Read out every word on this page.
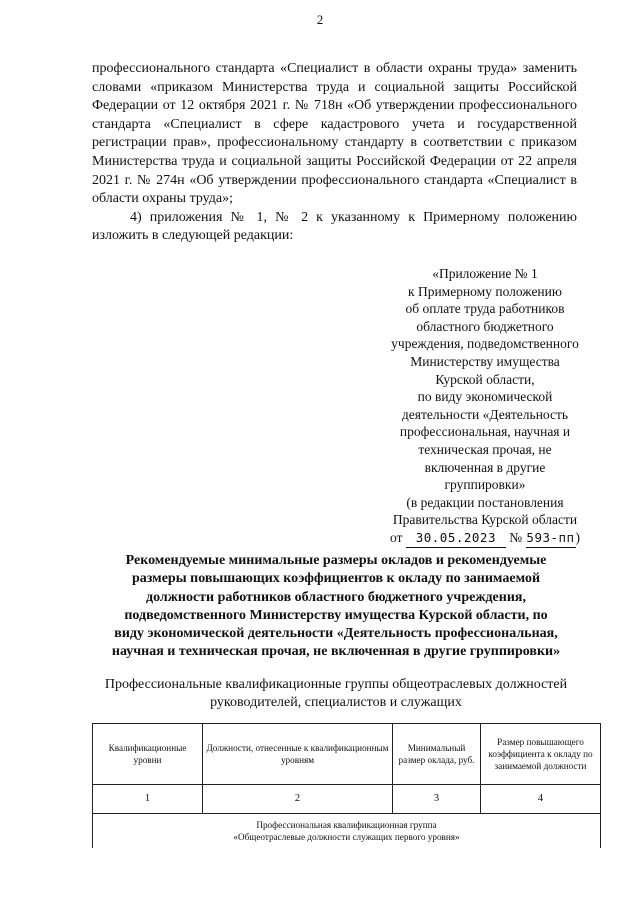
2

профессионального стандарта «Специалист в области охраны труда» заменить словами «приказом Министерства труда и социальной защиты Российской Федерации от 12 октября 2021 г. № 718н «Об утверждении профессионального стандарта «Специалист в сфере кадастрового учета и государственной регистрации прав», профессиональному стандарту в соответствии с приказом Министерства труда и социальной защиты Российской Федерации от 22 апреля 2021 г. № 274н «Об утверждении профессионального стандарта «Специалист в области охраны труда»;

4) приложения № 1, № 2 к указанному к Примерному положению изложить в следующей редакции:

«Приложение № 1
к Примерному положению
об оплате труда работников
областного бюджетного
учреждения, подведомственного
Министерству имущества
Курской области,
по виду экономической
деятельности «Деятельность
профессиональная, научная и
техническая прочая, не
включенная в другие
группировки»
(в редакции постановления
Правительства Курской области
от 30.05.2023 № 593-пп)
Рекомендуемые минимальные размеры окладов и рекомендуемые
размеры повышающих коэффициентов к окладу по занимаемой
должности работников областного бюджетного учреждения,
подведомственного Министерству имущества Курской области, по
виду экономической деятельности «Деятельность профессиональная,
научная и техническая прочая, не включенная в другие группировки»
Профессиональные квалификационные группы общеотраслевых должностей
руководителей, специалистов и служащих
Квалификационные уровни	Должности, отнесенные к квалификационным уровням	Минимальный размер оклада, руб.	Размер повышающего коэффициента к окладу по занимаемой должности
1	2	3	4

Профессиональная квалификационная группа
«Общеотраслевые должности служащих первого уровня»			
